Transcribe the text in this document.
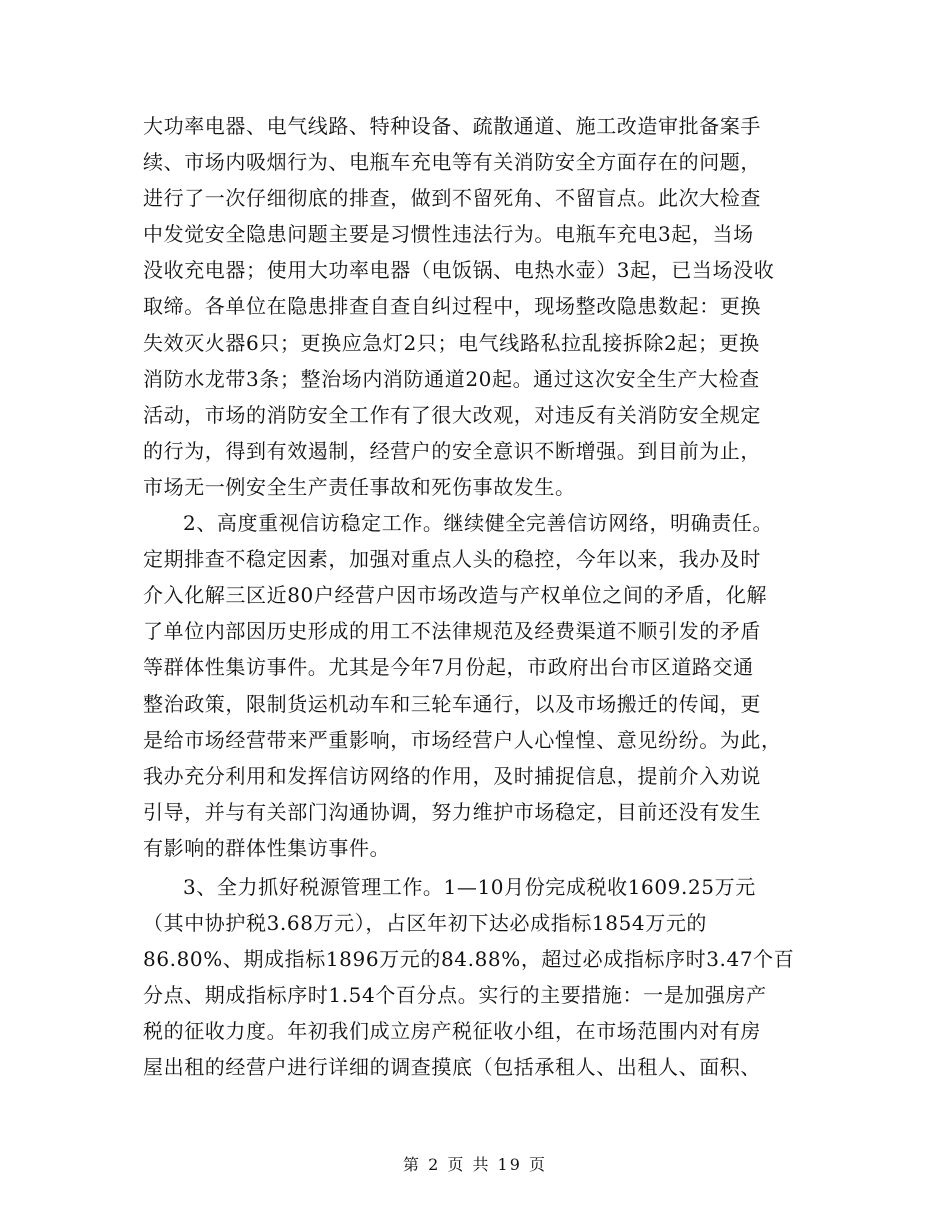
大功率电器、电气线路、特种设备、疏散通道、施工改造审批备案手
续、市场内吸烟行为、电瓶车充电等有关消防安全方面存在的问题，
进行了一次仔细彻底的排查，做到不留死角、不留盲点。此次大检查
中发觉安全隐患问题主要是习惯性违法行为。电瓶车充电3起，当场
没收充电器；使用大功率电器（电饭锅、电热水壶）3起，已当场没收
取缔。各单位在隐患排查自查自纠过程中，现场整改隐患数起：更换
失效灭火器6只；更换应急灯2只；电气线路私拉乱接拆除2起；更换
消防水龙带3条；整治场内消防通道20起。通过这次安全生产大检查
活动，市场的消防安全工作有了很大改观，对违反有关消防安全规定
的行为，得到有效遏制，经营户的安全意识不断增强。到目前为止，
市场无一例安全生产责任事故和死伤事故发生。
2、高度重视信访稳定工作。继续健全完善信访网络，明确责任。
定期排查不稳定因素，加强对重点人头的稳控，今年以来，我办及时
介入化解三区近80户经营户因市场改造与产权单位之间的矛盾，化解
了单位内部因历史形成的用工不法律规范及经费渠道不顺引发的矛盾
等群体性集访事件。尤其是今年7月份起，市政府出台市区道路交通
整治政策，限制货运机动车和三轮车通行，以及市场搬迁的传闻，更
是给市场经营带来严重影响，市场经营户人心惶惶、意见纷纷。为此，
我办充分利用和发挥信访网络的作用，及时捕捉信息，提前介入劝说
引导，并与有关部门沟通协调，努力维护市场稳定，目前还没有发生
有影响的群体性集访事件。
3、全力抓好税源管理工作。1—10月份完成税收1609.25万元
（其中协护税3.68万元），占区年初下达必成指标1854万元的
86.80%、期成指标1896万元的84.88%，超过必成指标序时3.47个百
分点、期成指标序时1.54个百分点。实行的主要措施：一是加强房产
税的征收力度。年初我们成立房产税征收小组，在市场范围内对有房
屋出租的经营户进行详细的调查摸底（包括承租人、出租人、面积、
第 2 页 共 19 页
